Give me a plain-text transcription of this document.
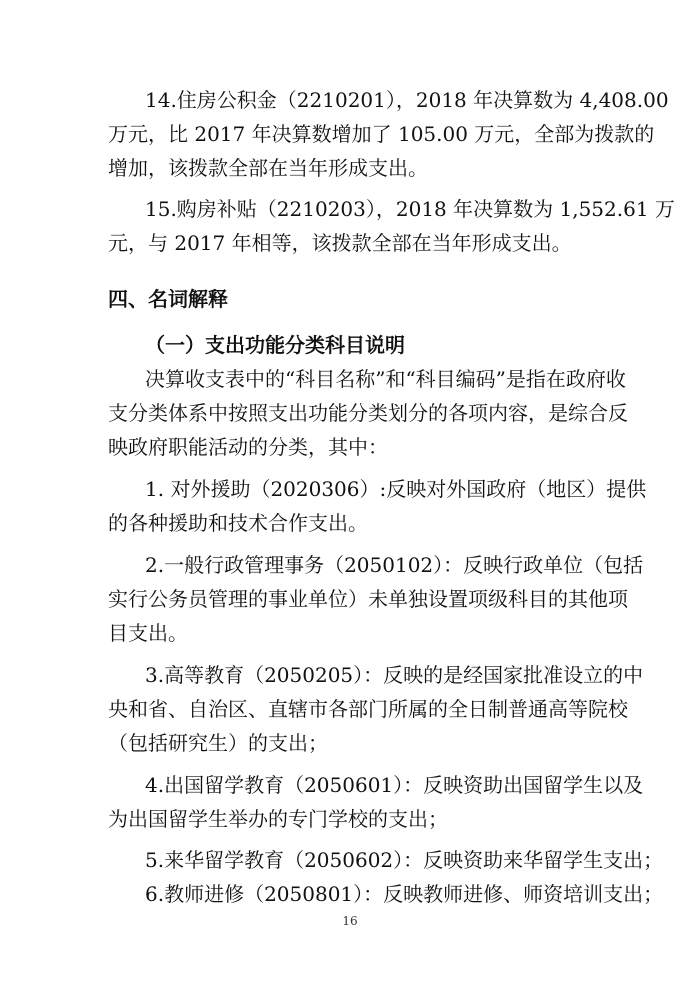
14.住房公积金（2210201），2018 年决算数为 4,408.00
万元，比 2017 年决算数增加了 105.00 万元，全部为拨款的
增加，该拨款全部在当年形成支出。
15.购房补贴（2210203），2018 年决算数为 1,552.61 万
元，与 2017 年相等，该拨款全部在当年形成支出。
四、名词解释
（一）支出功能分类科目说明
决算收支表中的“科目名称”和“科目编码”是指在政府收
支分类体系中按照支出功能分类划分的各项内容，是综合反
映政府职能活动的分类，其中：
1. 对外援助（2020306）:反映对外国政府（地区）提供
的各种援助和技术合作支出。
2.一般行政管理事务（2050102）：反映行政单位（包括
实行公务员管理的事业单位）未单独设置项级科目的其他项
目支出。
3.高等教育（2050205）：反映的是经国家批准设立的中
央和省、自治区、直辖市各部门所属的全日制普通高等院校
（包括研究生）的支出；
4.出国留学教育（2050601）：反映资助出国留学生以及
为出国留学生举办的专门学校的支出；
5.来华留学教育（2050602）：反映资助来华留学生支出；
6.教师进修（2050801）：反映教师进修、师资培训支出；
16
